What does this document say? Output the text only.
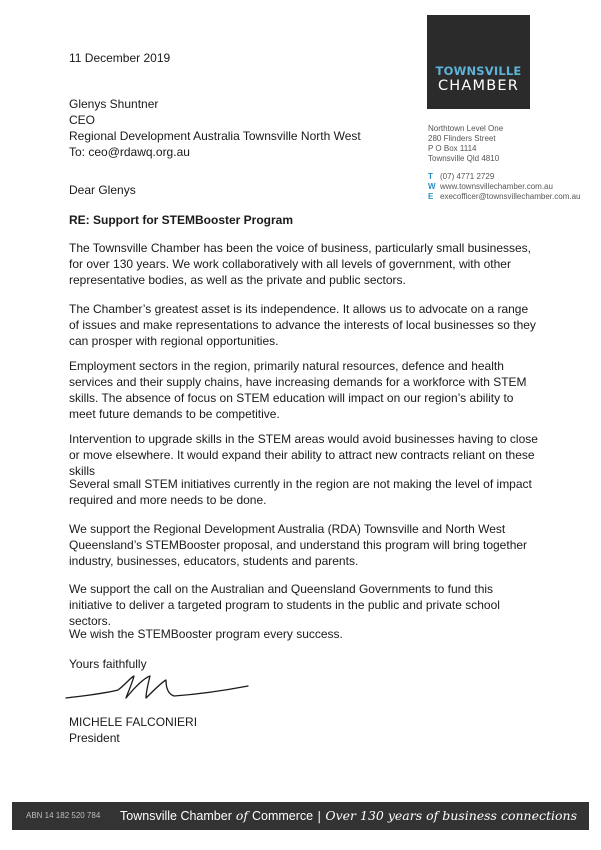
11 December 2019
Glenys Shuntner
CEO
Regional Development Australia Townsville North West
To: ceo@rdawq.org.au
TOWNSVILLE
CHAMBER
Northtown Level One
280 Flinders Street
P O Box 1114
Townsville Qld 4810
T (07) 4771 2729
W www.townsvillechamber.com.au
E execofficer@townsvillechamber.com.au
Dear Glenys
RE: Support for STEMBooster Program

The Townsville Chamber has been the voice of business, particularly small businesses, for over 130 years. We work collaboratively with all levels of government, with other representative bodies, as well as the private and public sectors.

The Chamber’s greatest asset is its independence. It allows us to advocate on a range of issues and make representations to advance the interests of local businesses so they can prosper with regional opportunities.

Employment sectors in the region, primarily natural resources, defence and health services and their supply chains, have increasing demands for a workforce with STEM skills. The absence of focus on STEM education will impact on our region’s ability to meet future demands to be competitive.

Intervention to upgrade skills in the STEM areas would avoid businesses having to close or move elsewhere. It would expand their ability to attract new contracts reliant on these skills

Several small STEM initiatives currently in the region are not making the level of impact required and more needs to be done.

We support the Regional Development Australia (RDA) Townsville and North West Queensland’s STEMBooster proposal, and understand this program will bring together industry, businesses, educators, students and parents.

We support the call on the Australian and Queensland Governments to fund this initiative to deliver a targeted program to students in the public and private school sectors.

We wish the STEMBooster program every success.

Yours faithfully
MICHELE FALCONIERI
President
ABN 14 182 520 784 Townsville Chamber of Commerce | Over 130 years of business connections
